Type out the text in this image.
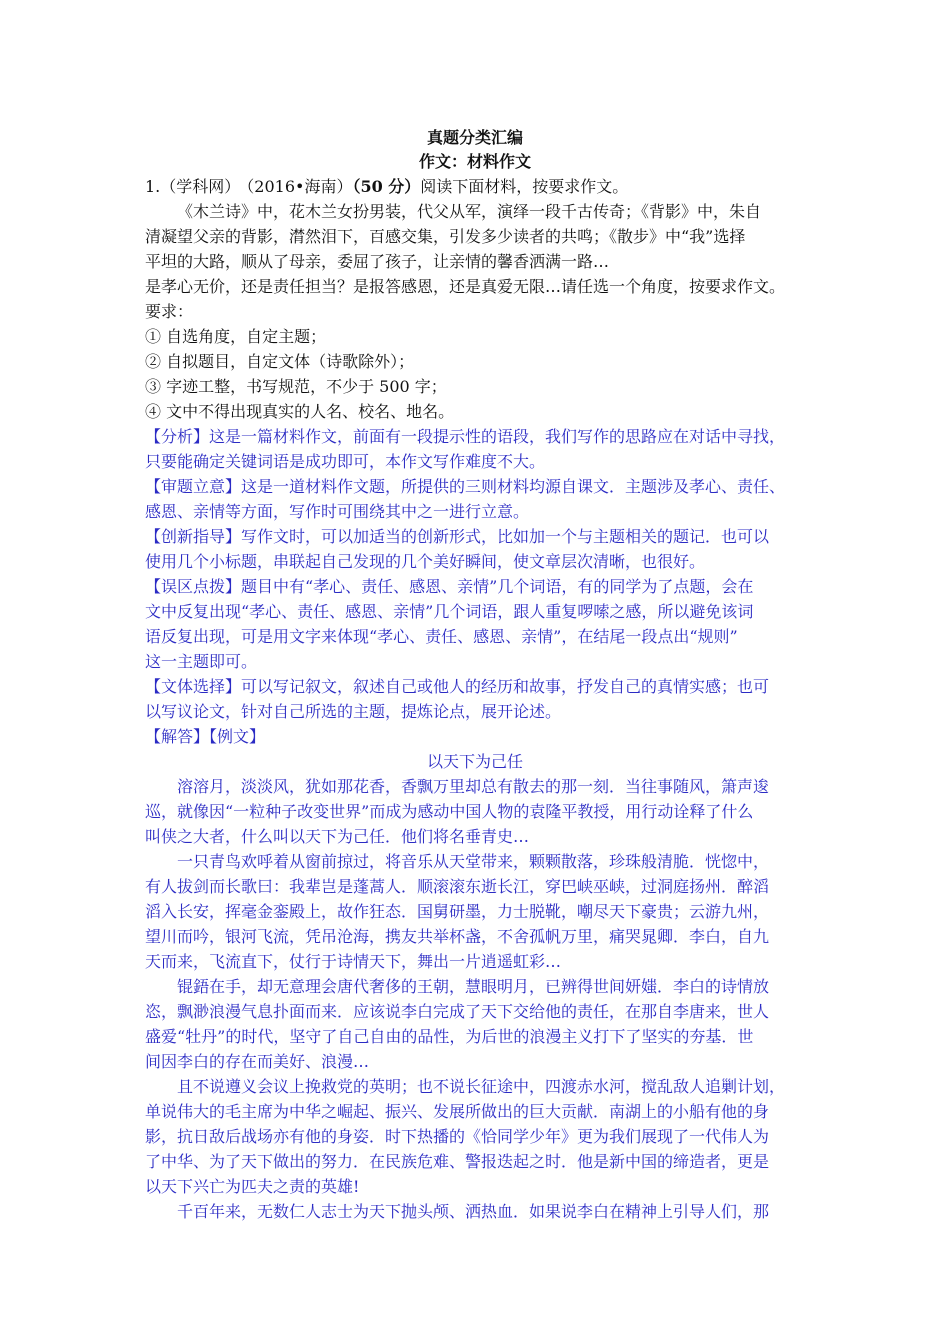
真题分类汇编
作文：材料作文
1.（学科网） （2016•海南）（50 分）阅读下面材料，按要求作文。
《木兰诗》中，花木兰女扮男装，代父从军，演绎一段千古传奇；《背影》中，朱自
清凝望父亲的背影，潸然泪下，百感交集，引发多少读者的共鸣；《散步》中“我”选择
平坦的大路，顺从了母亲，委屈了孩子，让亲情的馨香洒满一路…
是孝心无价，还是责任担当？是报答感恩，还是真爱无限…请任选一个角度，按要求作文。
要求：
① 自选角度，自定主题；
② 自拟题目，自定文体（诗歌除外）；
③ 字迹工整，书写规范，不少于 500 字；
④ 文中不得出现真实的人名、校名、地名。
【分析】这是一篇材料作文，前面有一段提示性的语段，我们写作的思路应在对话中寻找，
只要能确定关键词语是成功即可，本作文写作难度不大。
【审题立意】这是一道材料作文题，所提供的三则材料均源自课文．主题涉及孝心、责任、
感恩、亲情等方面，写作时可围绕其中之一进行立意。
【创新指导】写作文时，可以加适当的创新形式，比如加一个与主题相关的题记．也可以
使用几个小标题，串联起自己发现的几个美好瞬间，使文章层次清晰，也很好。
【误区点拨】题目中有“孝心、责任、感恩、亲情”几个词语，有的同学为了点题，会在
文中反复出现“孝心、责任、感恩、亲情”几个词语，跟人重复啰嗦之感，所以避免该词
语反复出现，可是用文字来体现“孝心、责任、感恩、亲情”，在结尾一段点出“规则”
这一主题即可。
【文体选择】可以写记叙文，叙述自己或他人的经历和故事，抒发自己的真情实感；也可
以写议论文，针对自己所选的主题，提炼论点，展开论述。
【解答】【例文】
以天下为己任
溶溶月，淡淡风，犹如那花香，香飘万里却总有散去的那一刻．当往事随风，箫声逡
巡，就像因“一粒种子改变世界”而成为感动中国人物的袁隆平教授，用行动诠释了什么
叫侠之大者，什么叫以天下为己任．他们将名垂青史…
一只青鸟欢呼着从窗前掠过，将音乐从天堂带来，颗颗散落，珍珠般清脆．恍惚中，
有人拔剑而长歌曰：我辈岂是蓬蒿人．顺滚滚东逝长江，穿巴峡巫峡，过洞庭扬州．醉滔
滔入长安，挥毫金銮殿上，故作狂态．国舅研墨，力士脱靴，嘲尽天下豪贵；云游九州，
望川而吟，银河飞流，凭吊沧海，携友共举杯盏，不舍孤帆万里，痛哭晁卿．李白，自九
天而来，飞流直下，仗行于诗情天下，舞出一片逍遥虹彩…
锟鋙在手，却无意理会唐代奢侈的王朝，慧眼明月，已辨得世间妍媸．李白的诗情放
恣，飘渺浪漫气息扑面而来．应该说李白完成了天下交给他的责任，在那自李唐来，世人
盛爱“牡丹”的时代，坚守了自己自由的品性，为后世的浪漫主义打下了坚实的夯基．世
间因李白的存在而美好、浪漫…
且不说遵义会议上挽救党的英明；也不说长征途中，四渡赤水河，搅乱敌人追剿计划，
单说伟大的毛主席为中华之崛起、振兴、发展所做出的巨大贡献．南湖上的小船有他的身
影，抗日敌后战场亦有他的身姿．时下热播的《恰同学少年》更为我们展现了一代伟人为
了中华、为了天下做出的努力．在民族危难、警报迭起之时．他是新中国的缔造者，更是
以天下兴亡为匹夫之责的英雄!
千百年来，无数仁人志士为天下抛头颅、洒热血．如果说李白在精神上引导人们，那
